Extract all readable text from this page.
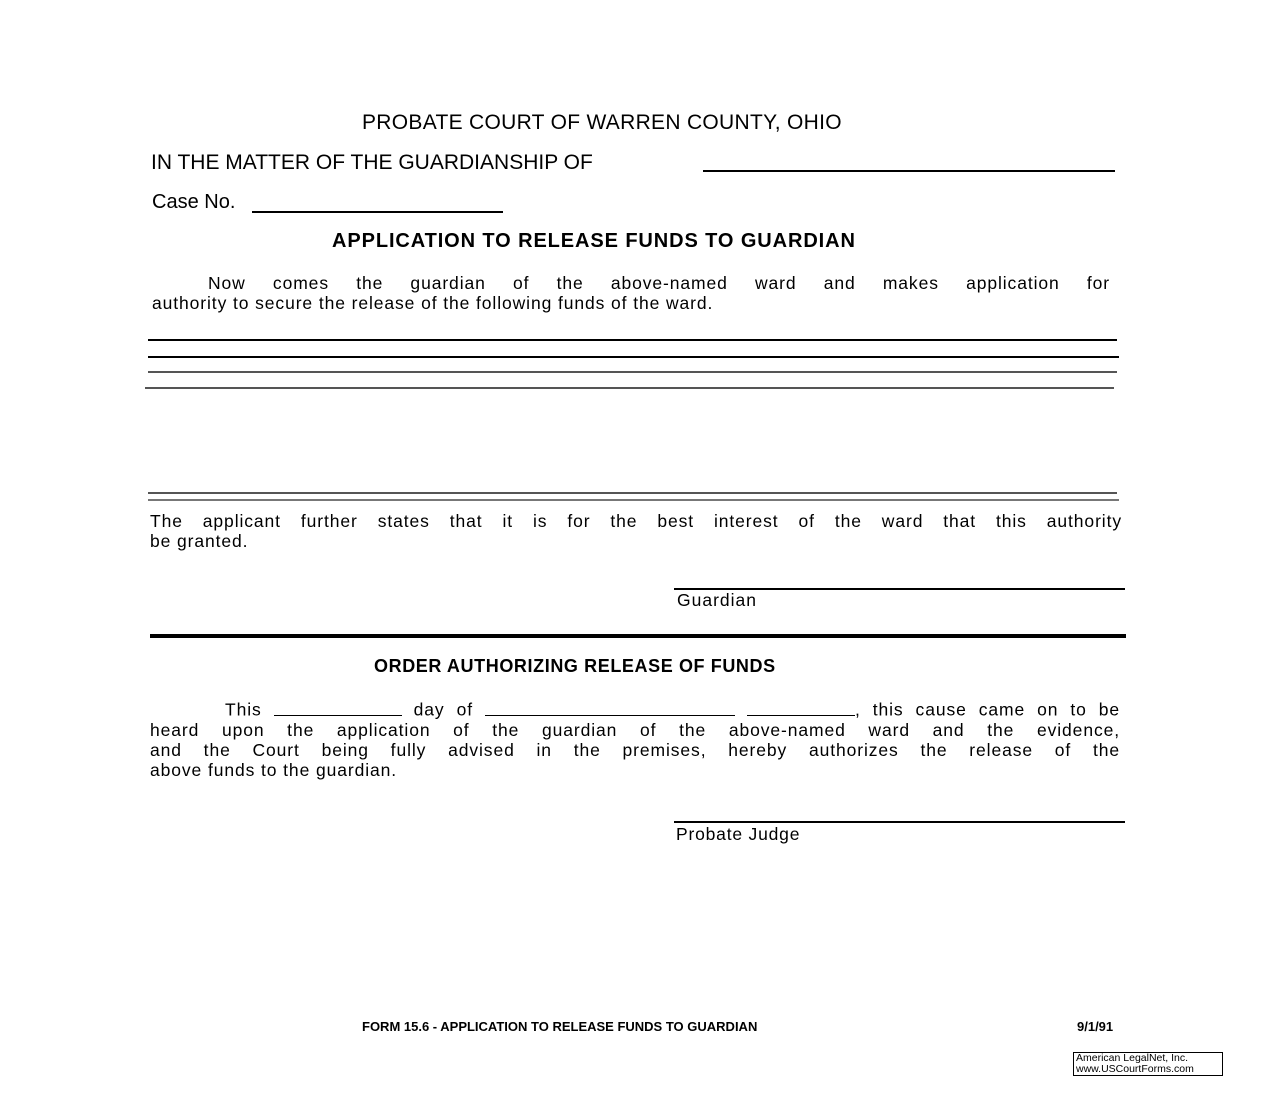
PROBATE COURT OF WARREN COUNTY, OHIO
IN THE MATTER OF THE GUARDIANSHIP OF
Case No.
APPLICATION TO RELEASE FUNDS TO GUARDIAN
Now comes the guardian of the above-named ward and makes application for
authority to secure the release of the following funds of the ward.
The applicant further states that it is for the best interest of the ward that this authority
be granted.
Guardian
ORDER AUTHORIZING RELEASE OF FUNDS
This	day of	, this cause came on to be
heard upon the application of the guardian of the above-named ward and the evidence,
and the Court being fully advised in the premises, hereby authorizes the release of the
above funds to the guardian.
Probate Judge
FORM 15.6 - APPLICATION TO RELEASE FUNDS TO GUARDIAN	9/1/91
American LegalNet, Inc.
www.USCourtForms.com
